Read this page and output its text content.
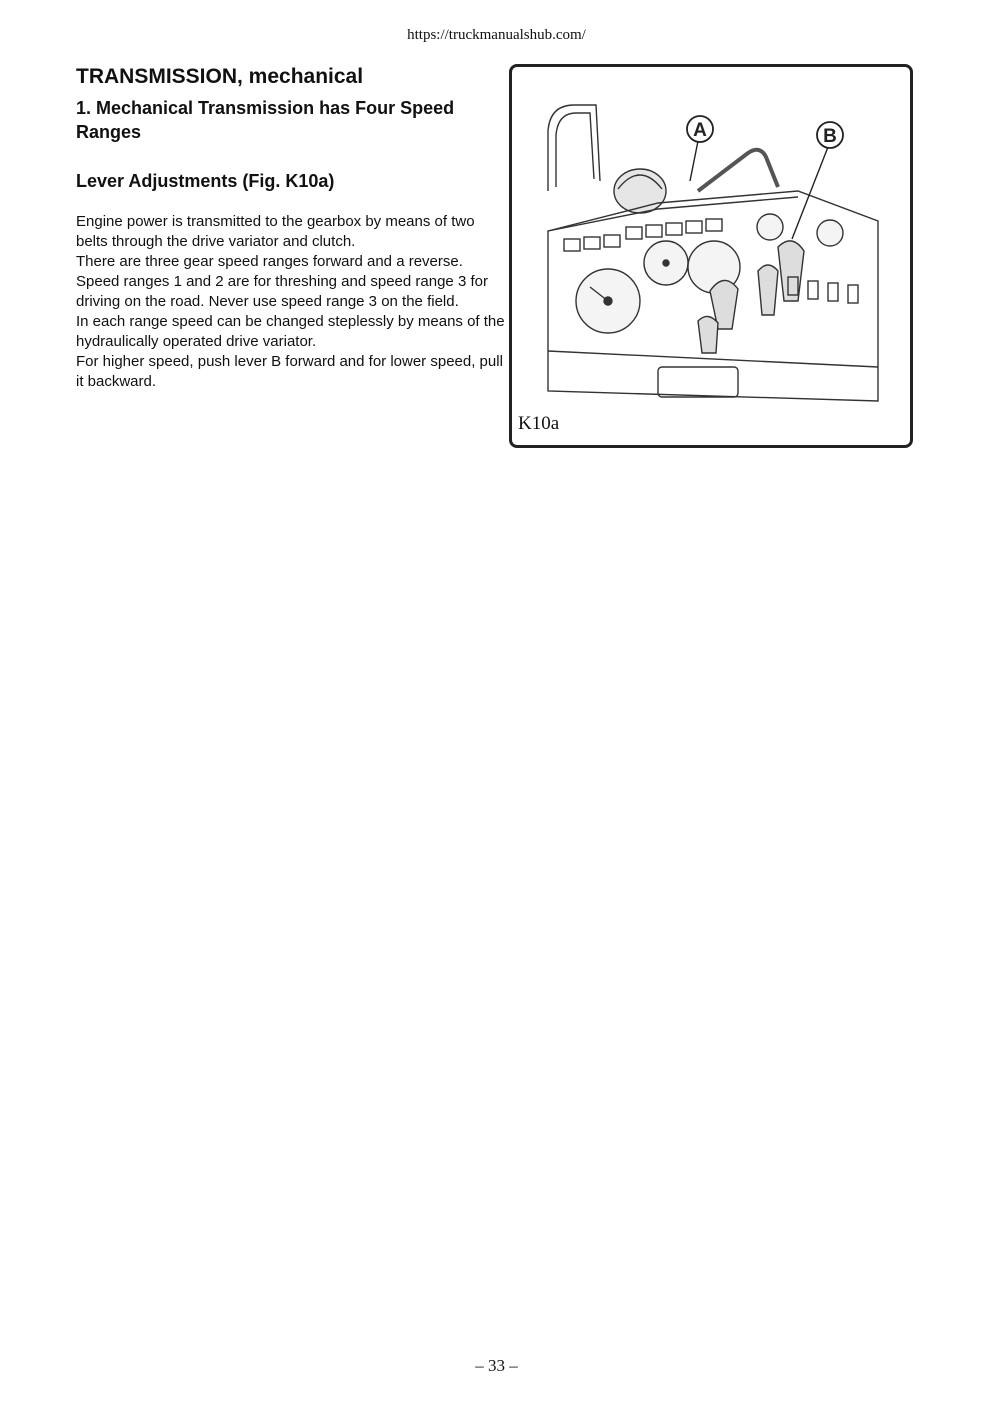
https://truckmanualshub.com/
TRANSMISSION, mechanical
1. Mechanical Transmission has Four Speed Ranges
Lever Adjustments (Fig. K10a)

Engine power is transmitted to the gearbox by means of two belts through the drive variator and clutch.

There are three gear speed ranges forward and a reverse. Speed ranges 1 and 2 are for threshing and speed range 3 for driving on the road. Never use speed range 3 on the field.

In each range speed can be changed steplessly by means of the hydraulically operated drive variator.

For higher speed, push lever B forward and for lower speed, pull it backward.

A	B
K10a
– 33 –
